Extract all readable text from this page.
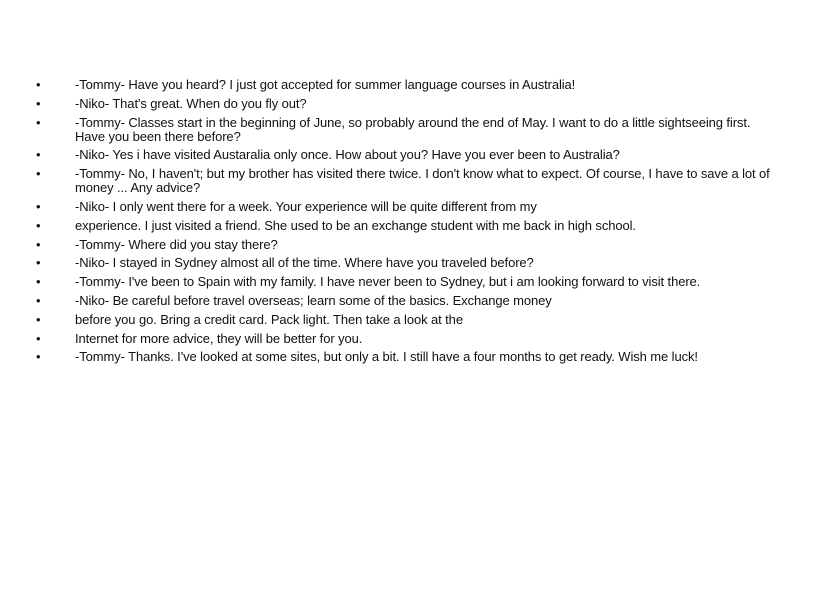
•	-Tommy- Have you heard? I just got accepted for summer language courses in Australia!
•	-Niko- That's great. When do you fly out?
•	-Tommy- Classes start in the beginning of June, so probably around the end of May. I want to do a little sightseeing first. Have you been there before?
•	-Niko- Yes i have visited Austaralia only once. How about you? Have you ever been to Australia?
•	-Tommy- No, I haven't; but my brother has visited there twice. I don't know what to expect. Of course, I have to save a lot of money ... Any advice?
•	-Niko- I only went there for a week. Your experience will be quite different from my
•	experience. I just visited a friend. She used to be an exchange student with me back in high school.
•	-Tommy- Where did you stay there?
•	-Niko- I stayed in Sydney almost all of the time. Where have you traveled before?
•	-Tommy- I've been to Spain with my family. I have never been to Sydney, but i am looking forward to visit there.
•	-Niko- Be careful before travel overseas; learn some of the basics. Exchange money
•	before you go. Bring a credit card. Pack light. Then take a look at the
•	Internet for more advice, they will be better for you.
•	-Tommy- Thanks. I've looked at some sites, but only a bit. I still have a four months to get ready. Wish me luck!
